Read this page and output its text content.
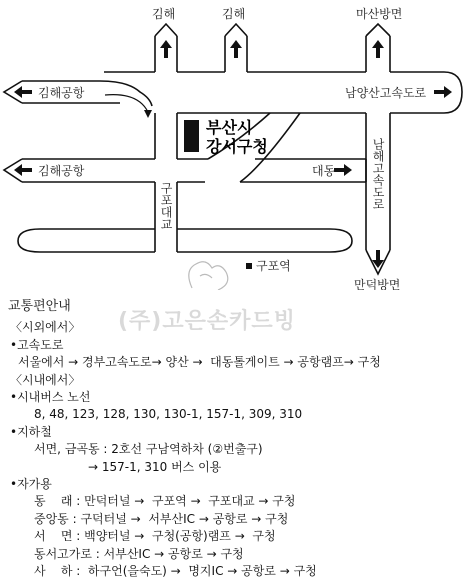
김해	김해	마산방면
김해공항
김해공항
남양산고속도로
대동
만덕방면
부산시
강서구청
구포역
구포대교	남해고속도로
(주)고은손카드빙
교통편안내
〈시외에서〉
•고속도로
서울에서 → 경부고속도로→ 양산 →  대동톨게이트 → 공항램프→ 구청
〈시내에서〉
•시내버스 노선
8, 48, 123, 128, 130, 130-1, 157-1, 309, 310
•지하철
서면, 금곡동 : 2호선 구남역하차 (②번출구)
→ 157-1, 310 버스 이용
•자가용
동    래 : 만덕터널 →  구포역 →  구포대교 → 구청
중앙동 : 구덕터널 →  서부산IC → 공항로 → 구청
서    면 : 백양터널 →  구청(공항)램프 →  구청
동서고가로 : 서부산IC → 공항로 → 구청
사    하 :  하구언(을숙도) →  명지IC → 공항로 → 구청
